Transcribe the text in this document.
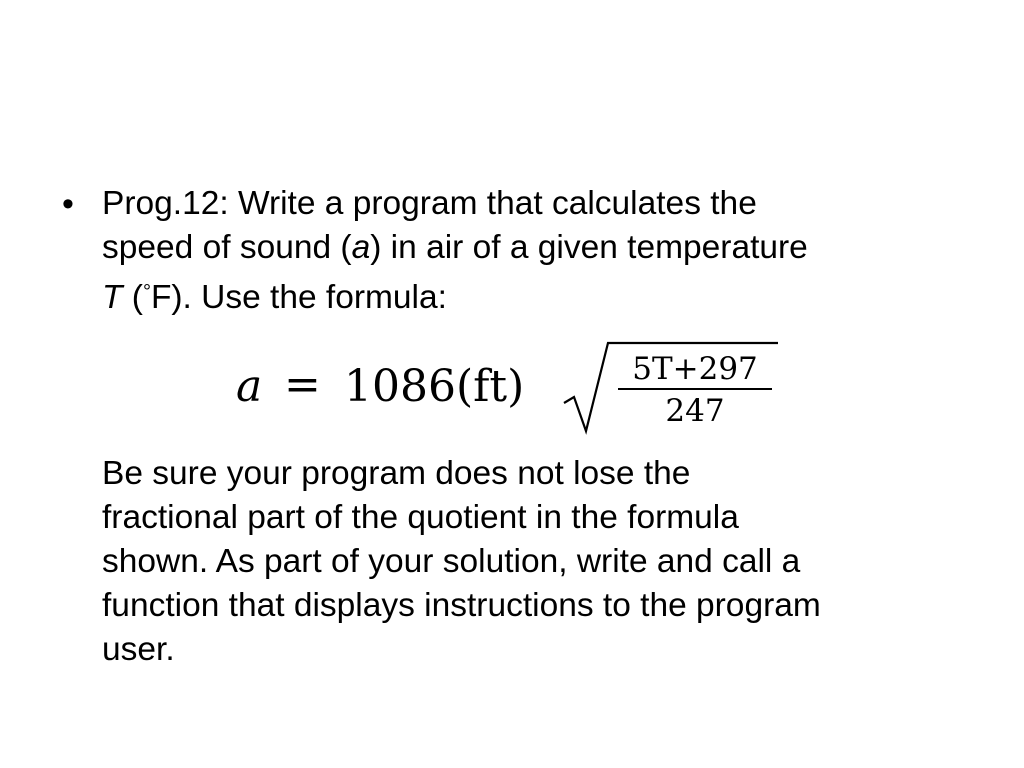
• Prog.12: Write a program that calculates the

speed of sound (a) in air of a given temperature

T (°F). Use the formula:

a = 1086(ft)	5T+297
247

Be sure your program does not lose the

fractional part of the quotient in the formula

shown. As part of your solution, write and call a

function that displays instructions to the program

user.
